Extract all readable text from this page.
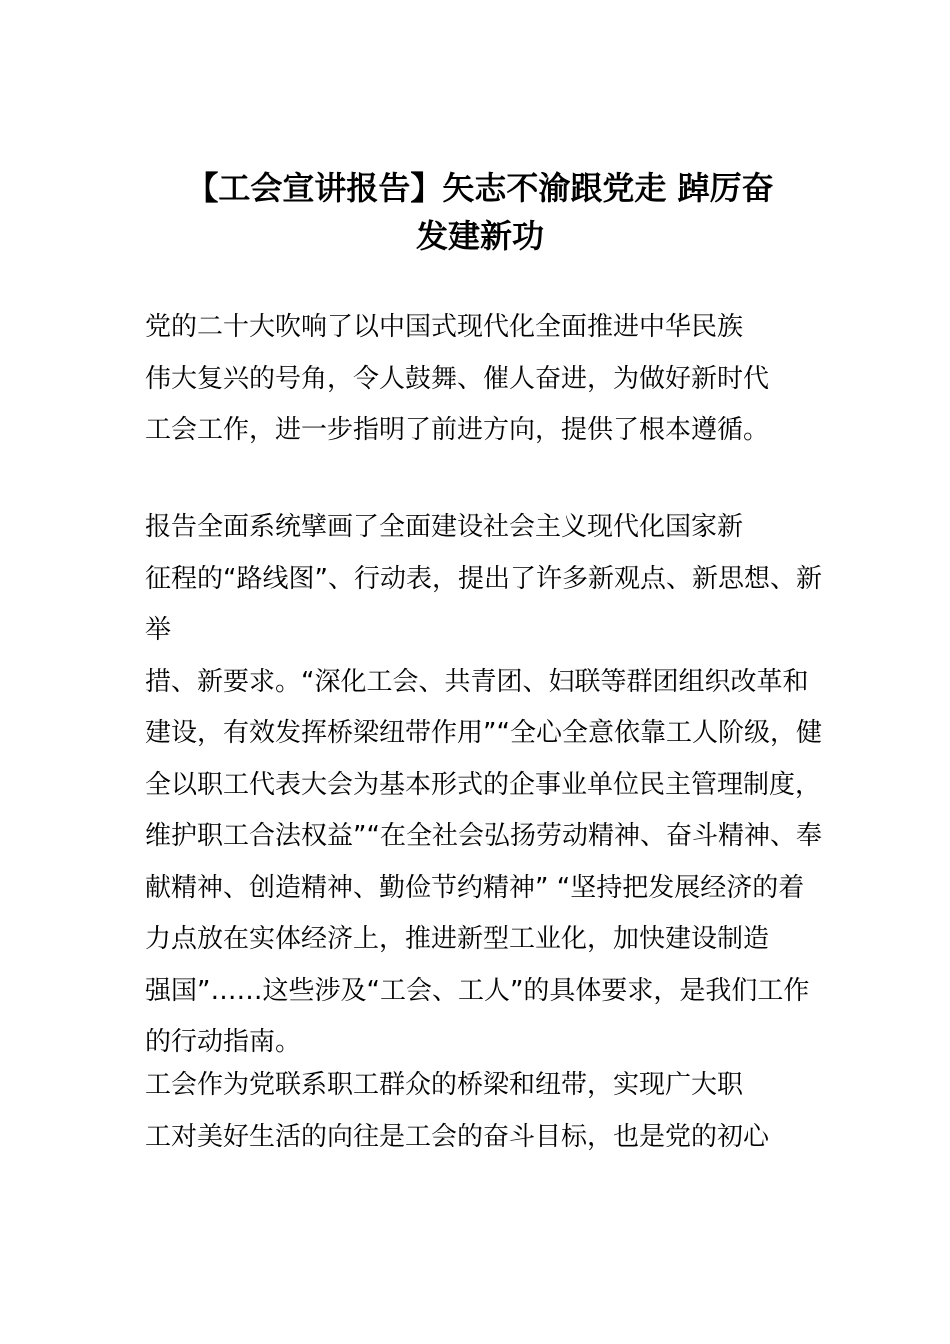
【工会宣讲报告】矢志不渝跟党走 踔厉奋
发建新功

党的二十大吹响了以中国式现代化全面推进中华民族
伟大复兴的号角，令人鼓舞、催人奋进，为做好新时代
工会工作，进一步指明了前进方向，提供了根本遵循。

报告全面系统擘画了全面建设社会主义现代化国家新
征程的“路线图”、行动表，提出了许多新观点、新思想、新举
措、新要求。“深化工会、共青团、妇联等群团组织改革和
建设，有效发挥桥梁纽带作用”“全心全意依靠工人阶级，健
全以职工代表大会为基本形式的企事业单位民主管理制度，
维护职工合法权益”“在全社会弘扬劳动精神、奋斗精神、奉
献精神、创造精神、勤俭节约精神” “坚持把发展经济的着
力点放在实体经济上，推进新型工业化，加快建设制造
强国”……这些涉及“工会、工人”的具体要求，是我们工作
的行动指南。

工会作为党联系职工群众的桥梁和纽带，实现广大职
工对美好生活的向往是工会的奋斗目标，也是党的初心
